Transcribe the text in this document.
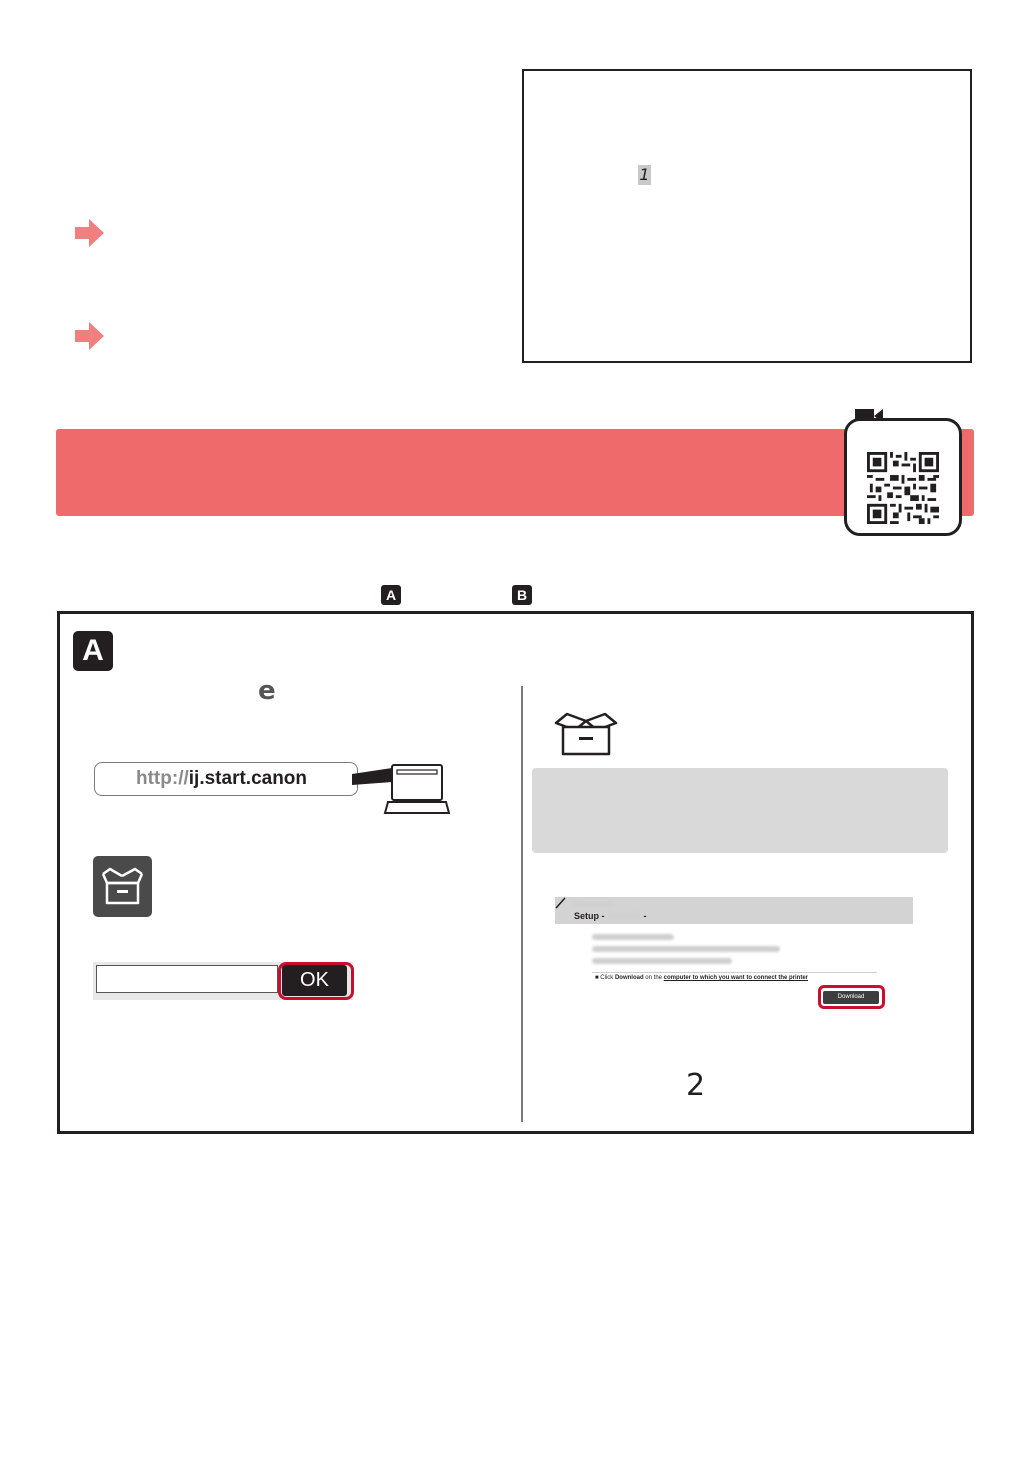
1
A	B
A
e
http://ij.start.canon
OK
Setup -	-
■ Click Download on the computer to which you want to connect the printer
Download
2
